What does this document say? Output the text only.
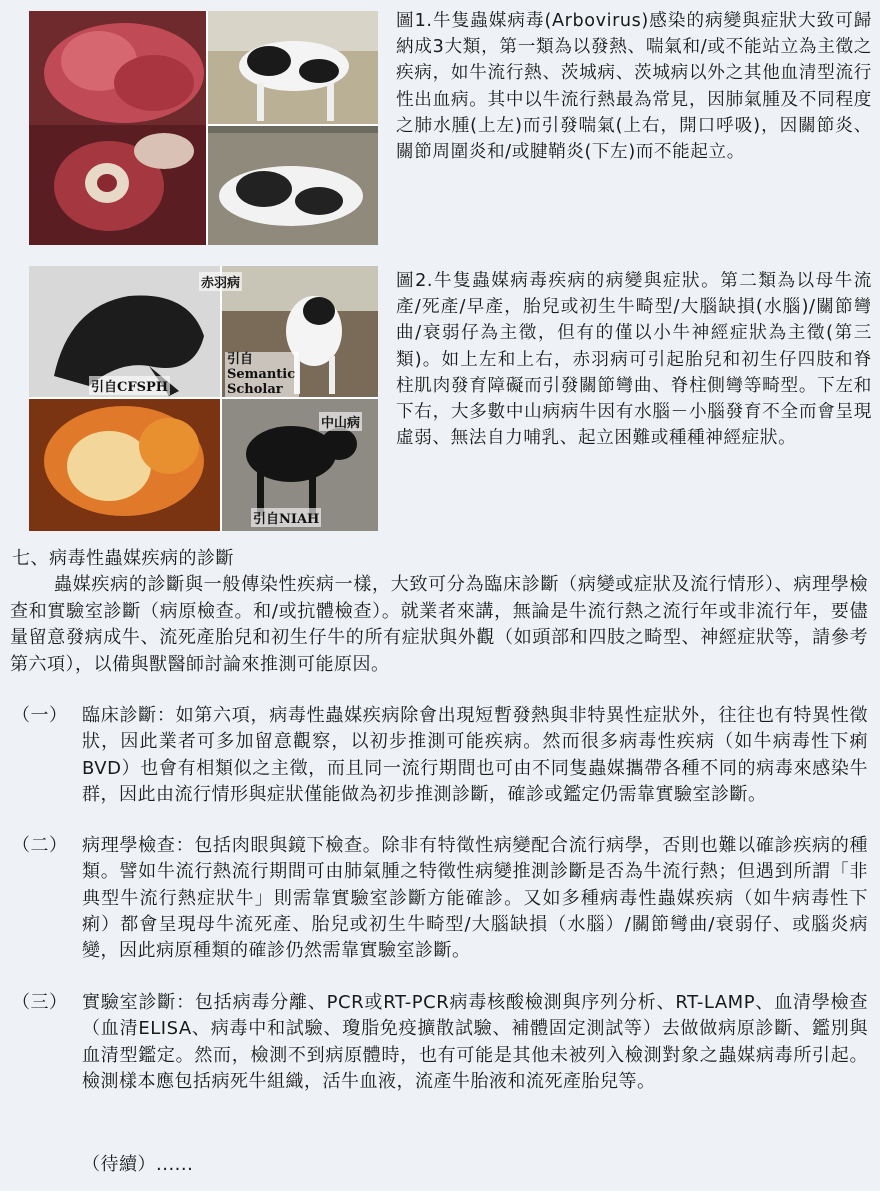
圖1.牛隻蟲媒病毒(Arbovirus)感染的病變與症狀大致可歸納成3大類，第一類為以發熱、喘氣和/或不能站立為主徵之疾病，如牛流行熱、茨城病、茨城病以外之其他血清型流行性出血病。其中以牛流行熱最為常見，因肺氣腫及不同程度之肺水腫(上左)而引發喘氣(上右，開口呼吸)，因關節炎、關節周圍炎和/或腱鞘炎(下左)而不能起立。
赤羽病
引自CFSPH
引自 Semantic Scholar
中山病
引自NIAH
圖2.牛隻蟲媒病毒疾病的病變與症狀。第二類為以母牛流產/死產/早產，胎兒或初生牛畸型/大腦缺損(水腦)/關節彎曲/衰弱仔為主徵，但有的僅以小牛神經症狀為主徵(第三類)。如上左和上右，赤羽病可引起胎兒和初生仔四肢和脊柱肌肉發育障礙而引發關節彎曲、脊柱側彎等畸型。下左和下右，大多數中山病病牛因有水腦－小腦發育不全而會呈現虛弱、無法自力哺乳、起立困難或種種神經症狀。
七、病毒性蟲媒疾病的診斷
蟲媒疾病的診斷與一般傳染性疾病一樣，大致可分為臨床診斷（病變或症狀及流行情形）、病理學檢查和實驗室診斷（病原檢查。和/或抗體檢查）。就業者來講，無論是牛流行熱之流行年或非流行年，要儘量留意發病成牛、流死產胎兒和初生仔牛的所有症狀與外觀（如頭部和四肢之畸型、神經症狀等，請參考第六項），以備與獸醫師討論來推測可能原因。
（一） 臨床診斷：如第六項，病毒性蟲媒疾病除會出現短暫發熱與非特異性症狀外，往往也有特異性徵狀，因此業者可多加留意觀察，以初步推測可能疾病。然而很多病毒性疾病（如牛病毒性下痢BVD）也會有相類似之主徵，而且同一流行期間也可由不同隻蟲媒攜帶各種不同的病毒來感染牛群，因此由流行情形與症狀僅能做為初步推測診斷，確診或鑑定仍需靠實驗室診斷。
（二） 病理學檢查：包括肉眼與鏡下檢查。除非有特徵性病變配合流行病學，否則也難以確診疾病的種類。譬如牛流行熱流行期間可由肺氣腫之特徵性病變推測診斷是否為牛流行熱；但遇到所謂「非典型牛流行熱症狀牛」則需靠實驗室診斷方能確診。又如多種病毒性蟲媒疾病（如牛病毒性下痢）都會呈現母牛流死產、胎兒或初生牛畸型/大腦缺損（水腦）/關節彎曲/衰弱仔、或腦炎病變，因此病原種類的確診仍然需靠實驗室診斷。
（三） 實驗室診斷：包括病毒分離、PCR或RT-PCR病毒核酸檢測與序列分析、RT-LAMP、血清學檢查（血清ELISA、病毒中和試驗、瓊脂免疫擴散試驗、補體固定測試等）去做做病原診斷、鑑別與血清型鑑定。然而，檢測不到病原體時，也有可能是其他未被列入檢測對象之蟲媒病毒所引起。檢測樣本應包括病死牛組織，活牛血液，流產牛胎液和流死產胎兒等。
（待續）......
